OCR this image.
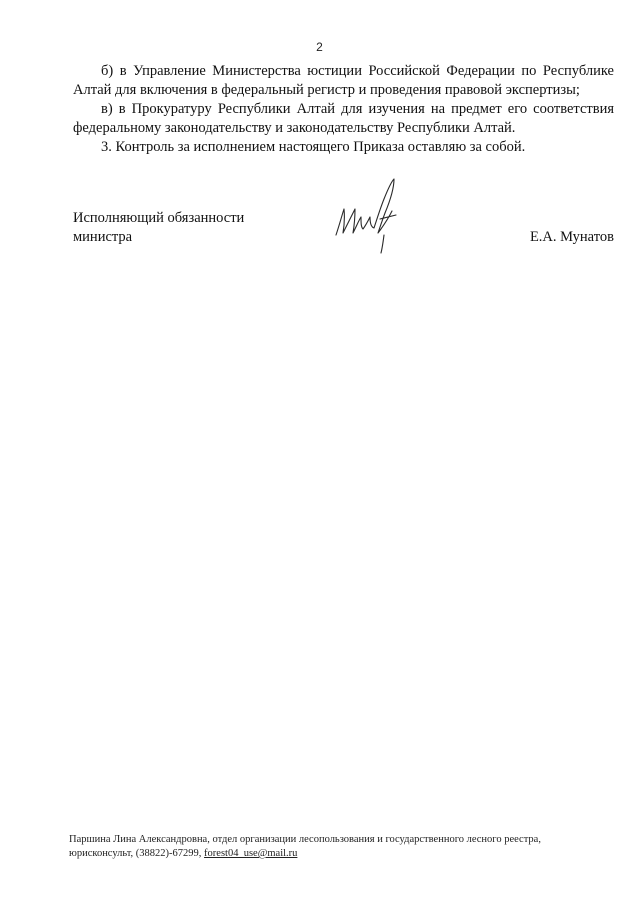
2

б) в Управление Министерства юстиции Российской Федерации по Республике Алтай для включения в федеральный регистр и проведения правовой экспертизы;

в) в Прокуратуру Республики Алтай для изучения на предмет его соответствия федеральному законодательству и законодательству Республики Алтай.

3. Контроль за исполнением настоящего Приказа оставляю за собой.

Исполняющий обязанности
министра	Е.А. Мунатов
Паршина Лина Александровна, отдел организации лесопользования и государственного лесного реестра,
юрисконсульт, (38822)-67299, forest04_use@mail.ru
